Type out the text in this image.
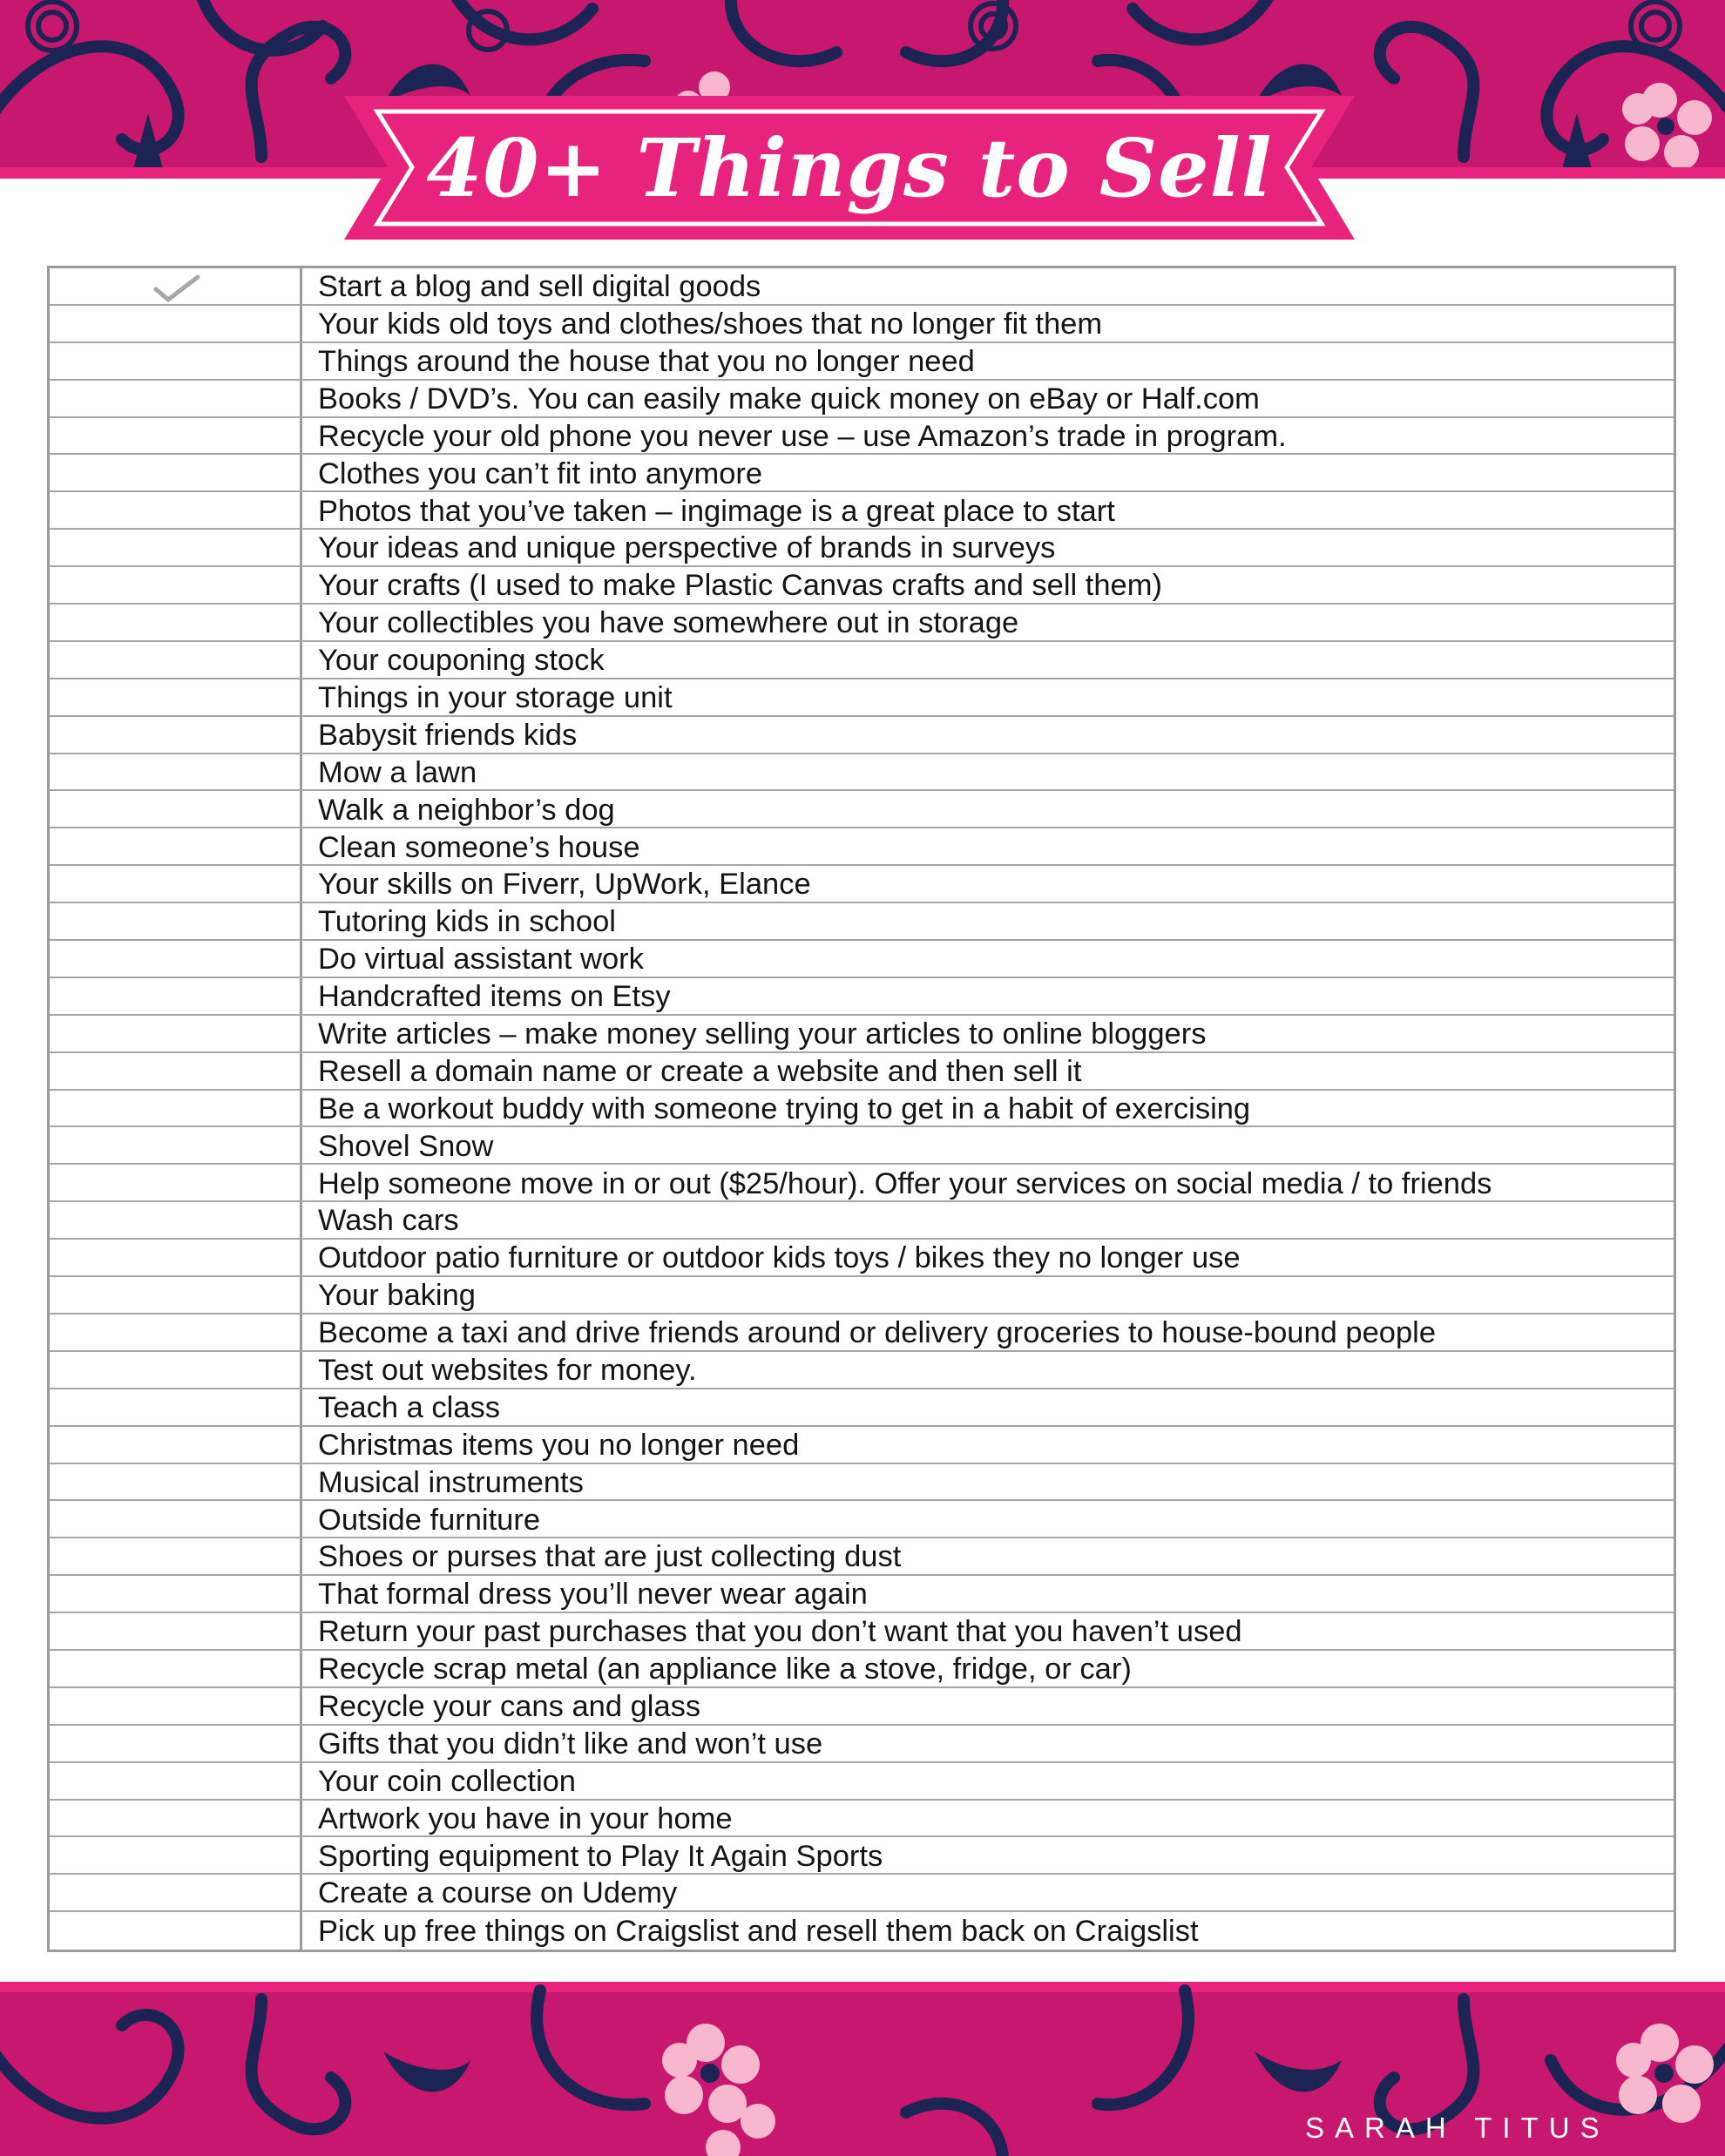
40+ Things to Sell
Start a blog and sell digital goods
Your kids old toys and clothes/shoes that no longer fit them
Things around the house that you no longer need
Books / DVD’s. You can easily make quick money on eBay or Half.com
Recycle your old phone you never use – use Amazon’s trade in program.
Clothes you can’t fit into anymore
Photos that you’ve taken – ingimage is a great place to start
Your ideas and unique perspective of brands in surveys
Your crafts (I used to make Plastic Canvas crafts and sell them)
Your collectibles you have somewhere out in storage
Your couponing stock
Things in your storage unit
Babysit friends kids
Mow a lawn
Walk a neighbor’s dog
Clean someone’s house
Your skills on Fiverr, UpWork, Elance
Tutoring kids in school
Do virtual assistant work
Handcrafted items on Etsy
Write articles – make money selling your articles to online bloggers
Resell a domain name or create a website and then sell it
Be a workout buddy with someone trying to get in a habit of exercising
Shovel Snow
Help someone move in or out ($25/hour). Offer your services on social media / to friends
Wash cars
Outdoor patio furniture or outdoor kids toys / bikes they no longer use
Your baking
Become a taxi and drive friends around or delivery groceries to house-bound people
Test out websites for money.
Teach a class
Christmas items you no longer need
Musical instruments
Outside furniture
Shoes or purses that are just collecting dust
That formal dress you’ll never wear again
Return your past purchases that you don’t want that you haven’t used
Recycle scrap metal (an appliance like a stove, fridge, or car)
Recycle your cans and glass
Gifts that you didn’t like and won’t use
Your coin collection
Artwork you have in your home
Sporting equipment to Play It Again Sports
Create a course on Udemy
Pick up free things on Craigslist and resell them back on Craigslist
SARAH TITUS
